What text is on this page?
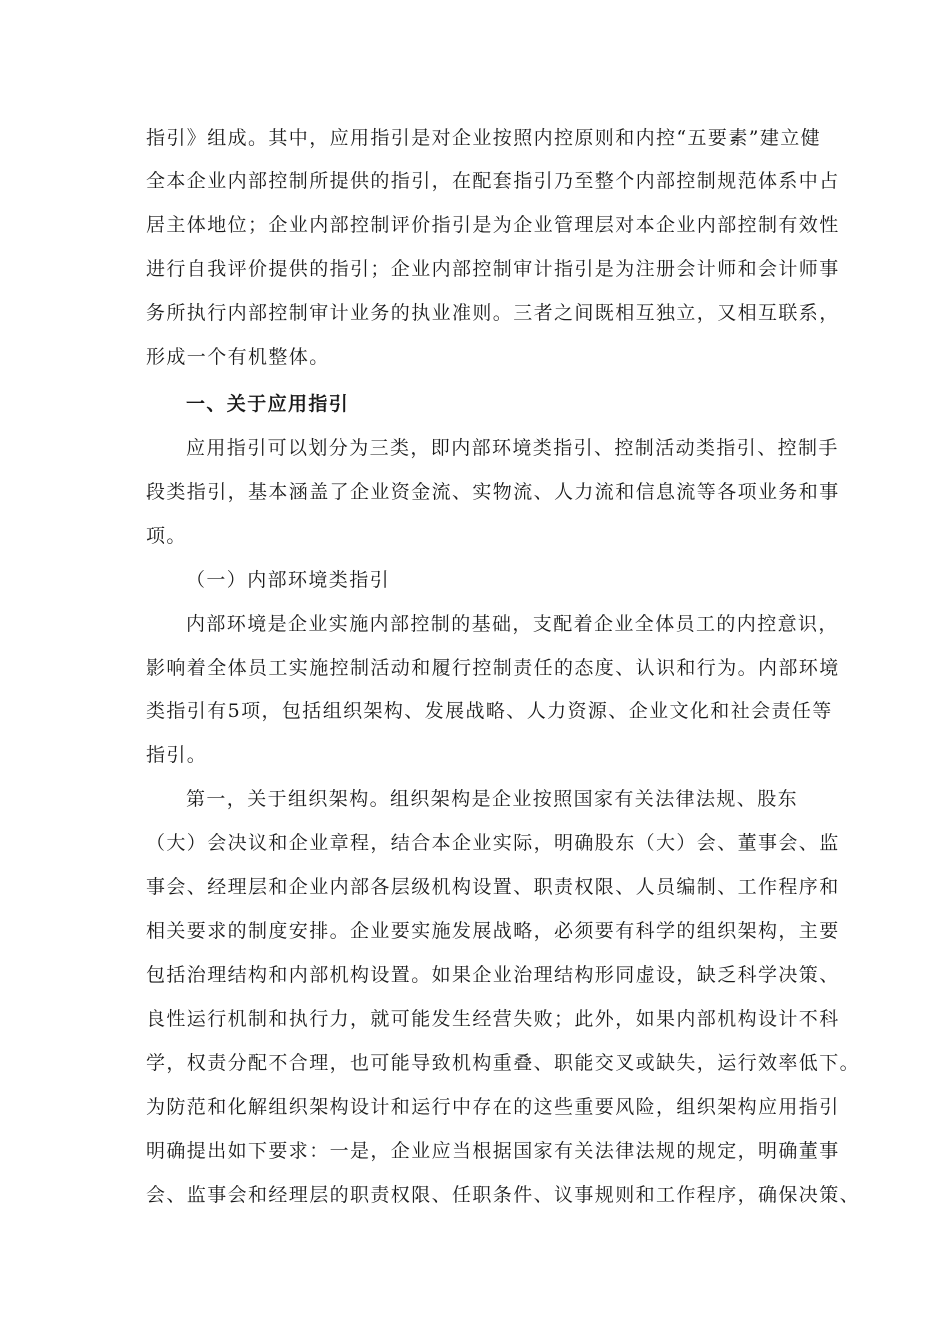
指引》组成。其中，应用指引是对企业按照内控原则和内控“五要素”建立健
全本企业内部控制所提供的指引，在配套指引乃至整个内部控制规范体系中占
居主体地位；企业内部控制评价指引是为企业管理层对本企业内部控制有效性
进行自我评价提供的指引；企业内部控制审计指引是为注册会计师和会计师事
务所执行内部控制审计业务的执业准则。三者之间既相互独立，又相互联系，
形成一个有机整体。
一、关于应用指引
应用指引可以划分为三类，即内部环境类指引、控制活动类指引、控制手
段类指引，基本涵盖了企业资金流、实物流、人力流和信息流等各项业务和事
项。
（一）内部环境类指引
内部环境是企业实施内部控制的基础，支配着企业全体员工的内控意识，
影响着全体员工实施控制活动和履行控制责任的态度、认识和行为。内部环境
类指引有5项，包括组织架构、发展战略、人力资源、企业文化和社会责任等
指引。
第一，关于组织架构。组织架构是企业按照国家有关法律法规、股东
（大）会决议和企业章程，结合本企业实际，明确股东（大）会、董事会、监
事会、经理层和企业内部各层级机构设置、职责权限、人员编制、工作程序和
相关要求的制度安排。企业要实施发展战略，必须要有科学的组织架构，主要
包括治理结构和内部机构设置。如果企业治理结构形同虚设，缺乏科学决策、
良性运行机制和执行力，就可能发生经营失败；此外，如果内部机构设计不科
学，权责分配不合理，也可能导致机构重叠、职能交叉或缺失，运行效率低下。
为防范和化解组织架构设计和运行中存在的这些重要风险，组织架构应用指引
明确提出如下要求：一是，企业应当根据国家有关法律法规的规定，明确董事
会、监事会和经理层的职责权限、任职条件、议事规则和工作程序，确保决策、
